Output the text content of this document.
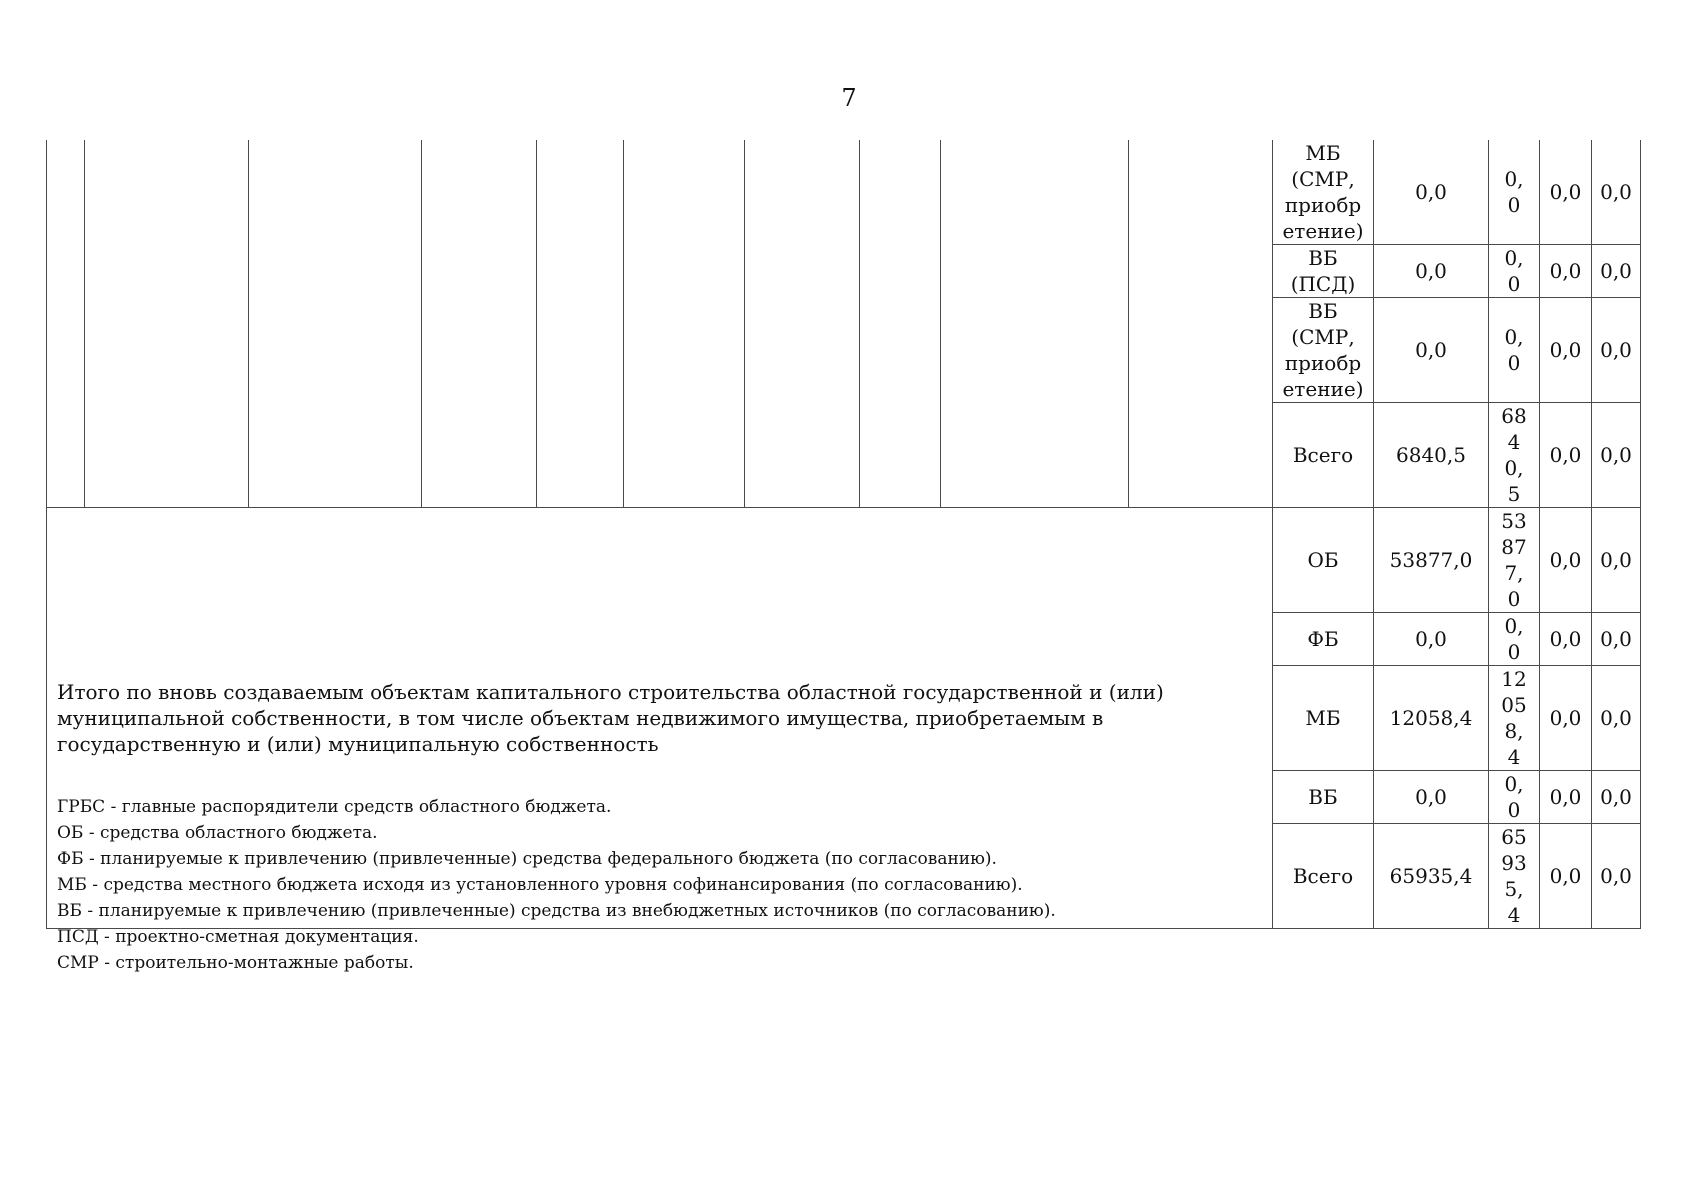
7
										МБ (СМР, приобретение)	0,0	0,0	0,0	0,0
										ВБ (ПСД)	0,0	0,0	0,0	0,0
										ВБ (СМР, приобретение)	0,0	0,0	0,0	0,0
										Всего	6840,5	6840,5	0,0	0,0
Итого по вновь создаваемым объектам капитального строительства областной государственной и (или) муниципальной собственности, в том числе объектам недвижимого имущества, приобретаемым в государственную и (или) муниципальную собственность										ОБ	53877,0	53877,0	0,0	0,0
										ФБ	0,0	0,0	0,0	0,0
										МБ	12058,4	12058,4	0,0	0,0
										ВБ	0,0	0,0	0,0	0,0
										Всего	65935,4	65935,4	0,0	0,0

ГРБС - главные распорядители средств областного бюджета.

ОБ - средства областного бюджета.

ФБ - планируемые к привлечению (привлеченные) средства федерального бюджета (по согласованию).

МБ - средства местного бюджета исходя из установленного уровня софинансирования (по согласованию).

ВБ - планируемые к привлечению (привлеченные) средства из внебюджетных источников (по согласованию).

ПСД - проектно-сметная документация.

СМР - строительно-монтажные работы.
